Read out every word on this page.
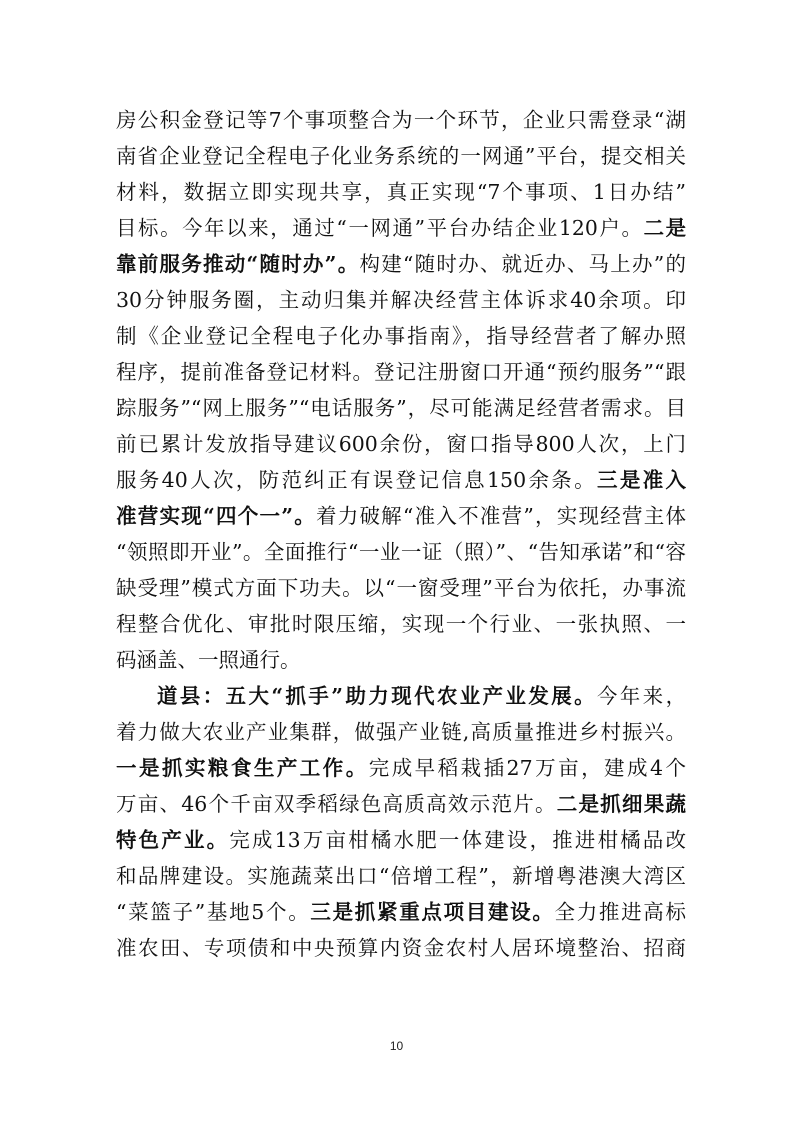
房公积金登记等7个事项整合为一个环节，企业只需登录“湖
南省企业登记全程电子化业务系统的一网通”平台，提交相关
材料，数据立即实现共享，真正实现“7个事项、1日办结”
目标。今年以来，通过“一网通”平台办结企业120户。二是
靠前服务推动“随时办”。构建“随时办、就近办、马上办”的
30分钟服务圈，主动归集并解决经营主体诉求40余项。印
制《企业登记全程电子化办事指南》，指导经营者了解办照
程序，提前准备登记材料。登记注册窗口开通“预约服务”“跟
踪服务”“网上服务”“电话服务”，尽可能满足经营者需求。目
前已累计发放指导建议600余份，窗口指导800人次，上门
服务40人次，防范纠正有误登记信息150余条。三是准入
准营实现“四个一”。着力破解“准入不准营”，实现经营主体
“领照即开业”。全面推行“一业一证（照）”、“告知承诺”和“容
缺受理”模式方面下功夫。以“一窗受理”平台为依托，办事流
程整合优化、审批时限压缩，实现一个行业、一张执照、一
码涵盖、一照通行。
道县：五大“抓手”助力现代农业产业发展。今年来，
着力做大农业产业集群，做强产业链,高质量推进乡村振兴。
一是抓实粮食生产工作。完成早稻栽插27万亩，建成4个
万亩、46个千亩双季稻绿色高质高效示范片。二是抓细果蔬
特色产业。完成13万亩柑橘水肥一体建设，推进柑橘品改
和品牌建设。实施蔬菜出口“倍增工程”，新增粤港澳大湾区
“菜篮子”基地5个。三是抓紧重点项目建设。全力推进高标
准农田、专项债和中央预算内资金农村人居环境整治、招商
10
